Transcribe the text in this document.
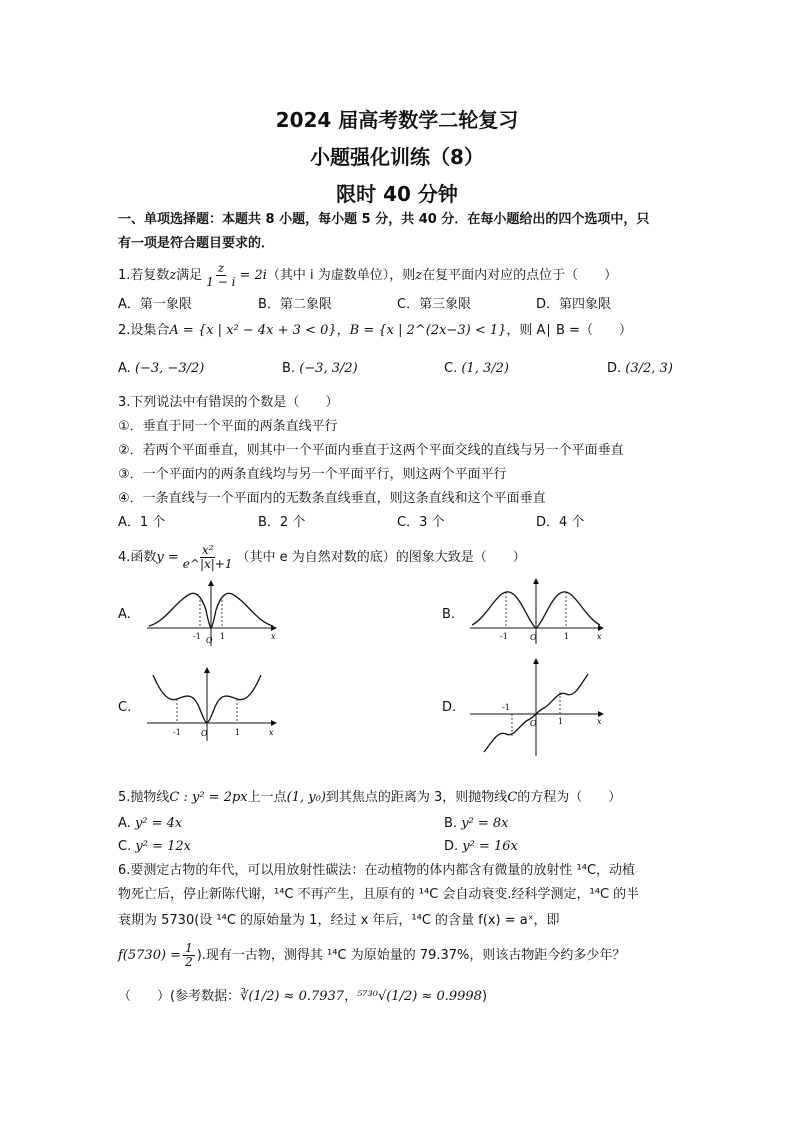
2024 届高考数学二轮复习
小题强化训练（8）
限时 40 分钟
一、单项选择题：本题共 8 小题，每小题 5 分，共 40 分．在每小题给出的四个选项中，只
有一项是符合题目要求的．
1.若复数z满足 $\frac{z}{1 - i} = 2i$（其中 i 为虚数单位），则z在复平面内对应的点位于（　　）
A．第一象限	B．第二象限	C．第三象限	D．第四象限
2.设集合A = {x | x² − 4x + 3 < 0}，B = {x | 2^(2x−3) < 1}，则 A∣ B =（　　）
A. (−3, −3/2)	B. (−3, 3/2)	C. (1, 3/2)	D. (3/2, 3)
3.下列说法中有错误的个数是（　　）
①．垂直于同一个平面的两条直线平行
②．若两个平面垂直，则其中一个平面内垂直于这两个平面交线的直线与另一个平面垂直
③．一个平面内的两条直线均与另一个平面平行，则这两个平面平行
④．一条直线与一个平面内的无数条直线垂直，则这条直线和这个平面垂直
A．1 个	B．2 个	C．3 个	D．4 个
4.函数$y = \frac{\text{x²}}{e\^{}|x|+1}$ （其中 e 为自然对数的底）的图象大致是（　　）
A.
-1 O 1	x
B.
-1	O	1	x
C.
-1	O	1	x
D.	-1
O	1	x
5.抛物线C : y² = 2px上一点(1, y₀)到其焦点的距离为 3，则抛物线C的方程为（　　）
A. y² = 4x	B. y² = 8x
C. y² = 12x	D. y² = 16x
6.要测定古物的年代，可以用放射性碳法：在动植物的体内都含有微量的放射性 ¹⁴C，动植
物死亡后，停止新陈代谢，¹⁴C 不再产生，且原有的 ¹⁴C 会自动衰变.经科学测定，¹⁴C 的半
衰期为 5730(设 ¹⁴C 的原始量为 1，经过 x 年后，¹⁴C 的含量 f(x) = aˣ，即
$f(5730) = \frac{1}{2}$ ).现有一古物，测得其 ¹⁴C 为原始量的 79.37%，则该古物距今约多少年？
（　　）(参考数据：∛(1/2) ≈ 0.7937，⁵⁷³⁰√(1/2) ≈ 0.9998)
